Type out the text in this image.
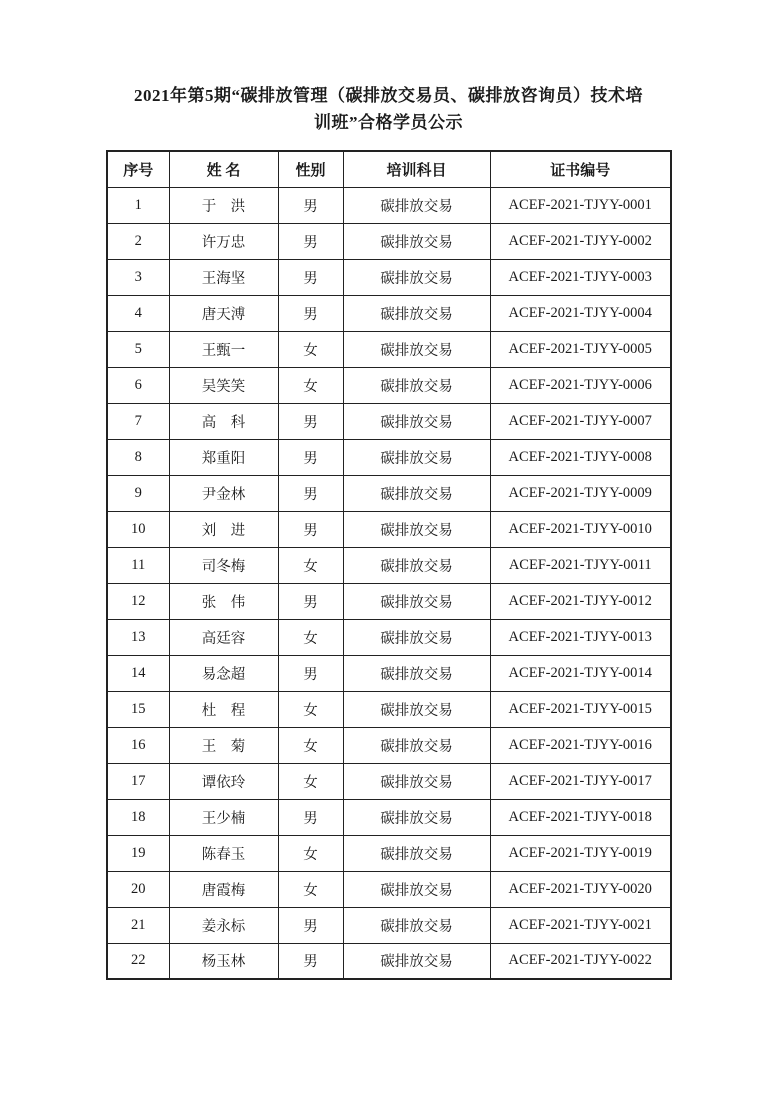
2021年第5期“碳排放管理（碳排放交易员、碳排放咨询员）技术培
训班”合格学员公示
序号	姓 名	性别	培训科目	证书编号
1	于　洪	男	碳排放交易	ACEF-2021-TJYY-0001
2	许万忠	男	碳排放交易	ACEF-2021-TJYY-0002
3	王海坚	男	碳排放交易	ACEF-2021-TJYY-0003
4	唐天溥	男	碳排放交易	ACEF-2021-TJYY-0004
5	王甄一	女	碳排放交易	ACEF-2021-TJYY-0005
6	吴笑笑	女	碳排放交易	ACEF-2021-TJYY-0006
7	高　科	男	碳排放交易	ACEF-2021-TJYY-0007
8	郑重阳	男	碳排放交易	ACEF-2021-TJYY-0008
9	尹金林	男	碳排放交易	ACEF-2021-TJYY-0009
10	刘　进	男	碳排放交易	ACEF-2021-TJYY-0010
11	司冬梅	女	碳排放交易	ACEF-2021-TJYY-0011
12	张　伟	男	碳排放交易	ACEF-2021-TJYY-0012
13	高廷容	女	碳排放交易	ACEF-2021-TJYY-0013
14	易念超	男	碳排放交易	ACEF-2021-TJYY-0014
15	杜　程	女	碳排放交易	ACEF-2021-TJYY-0015
16	王　菊	女	碳排放交易	ACEF-2021-TJYY-0016
17	谭依玲	女	碳排放交易	ACEF-2021-TJYY-0017
18	王少楠	男	碳排放交易	ACEF-2021-TJYY-0018
19	陈春玉	女	碳排放交易	ACEF-2021-TJYY-0019
20	唐霞梅	女	碳排放交易	ACEF-2021-TJYY-0020
21	姜永标	男	碳排放交易	ACEF-2021-TJYY-0021
22	杨玉林	男	碳排放交易	ACEF-2021-TJYY-0022
